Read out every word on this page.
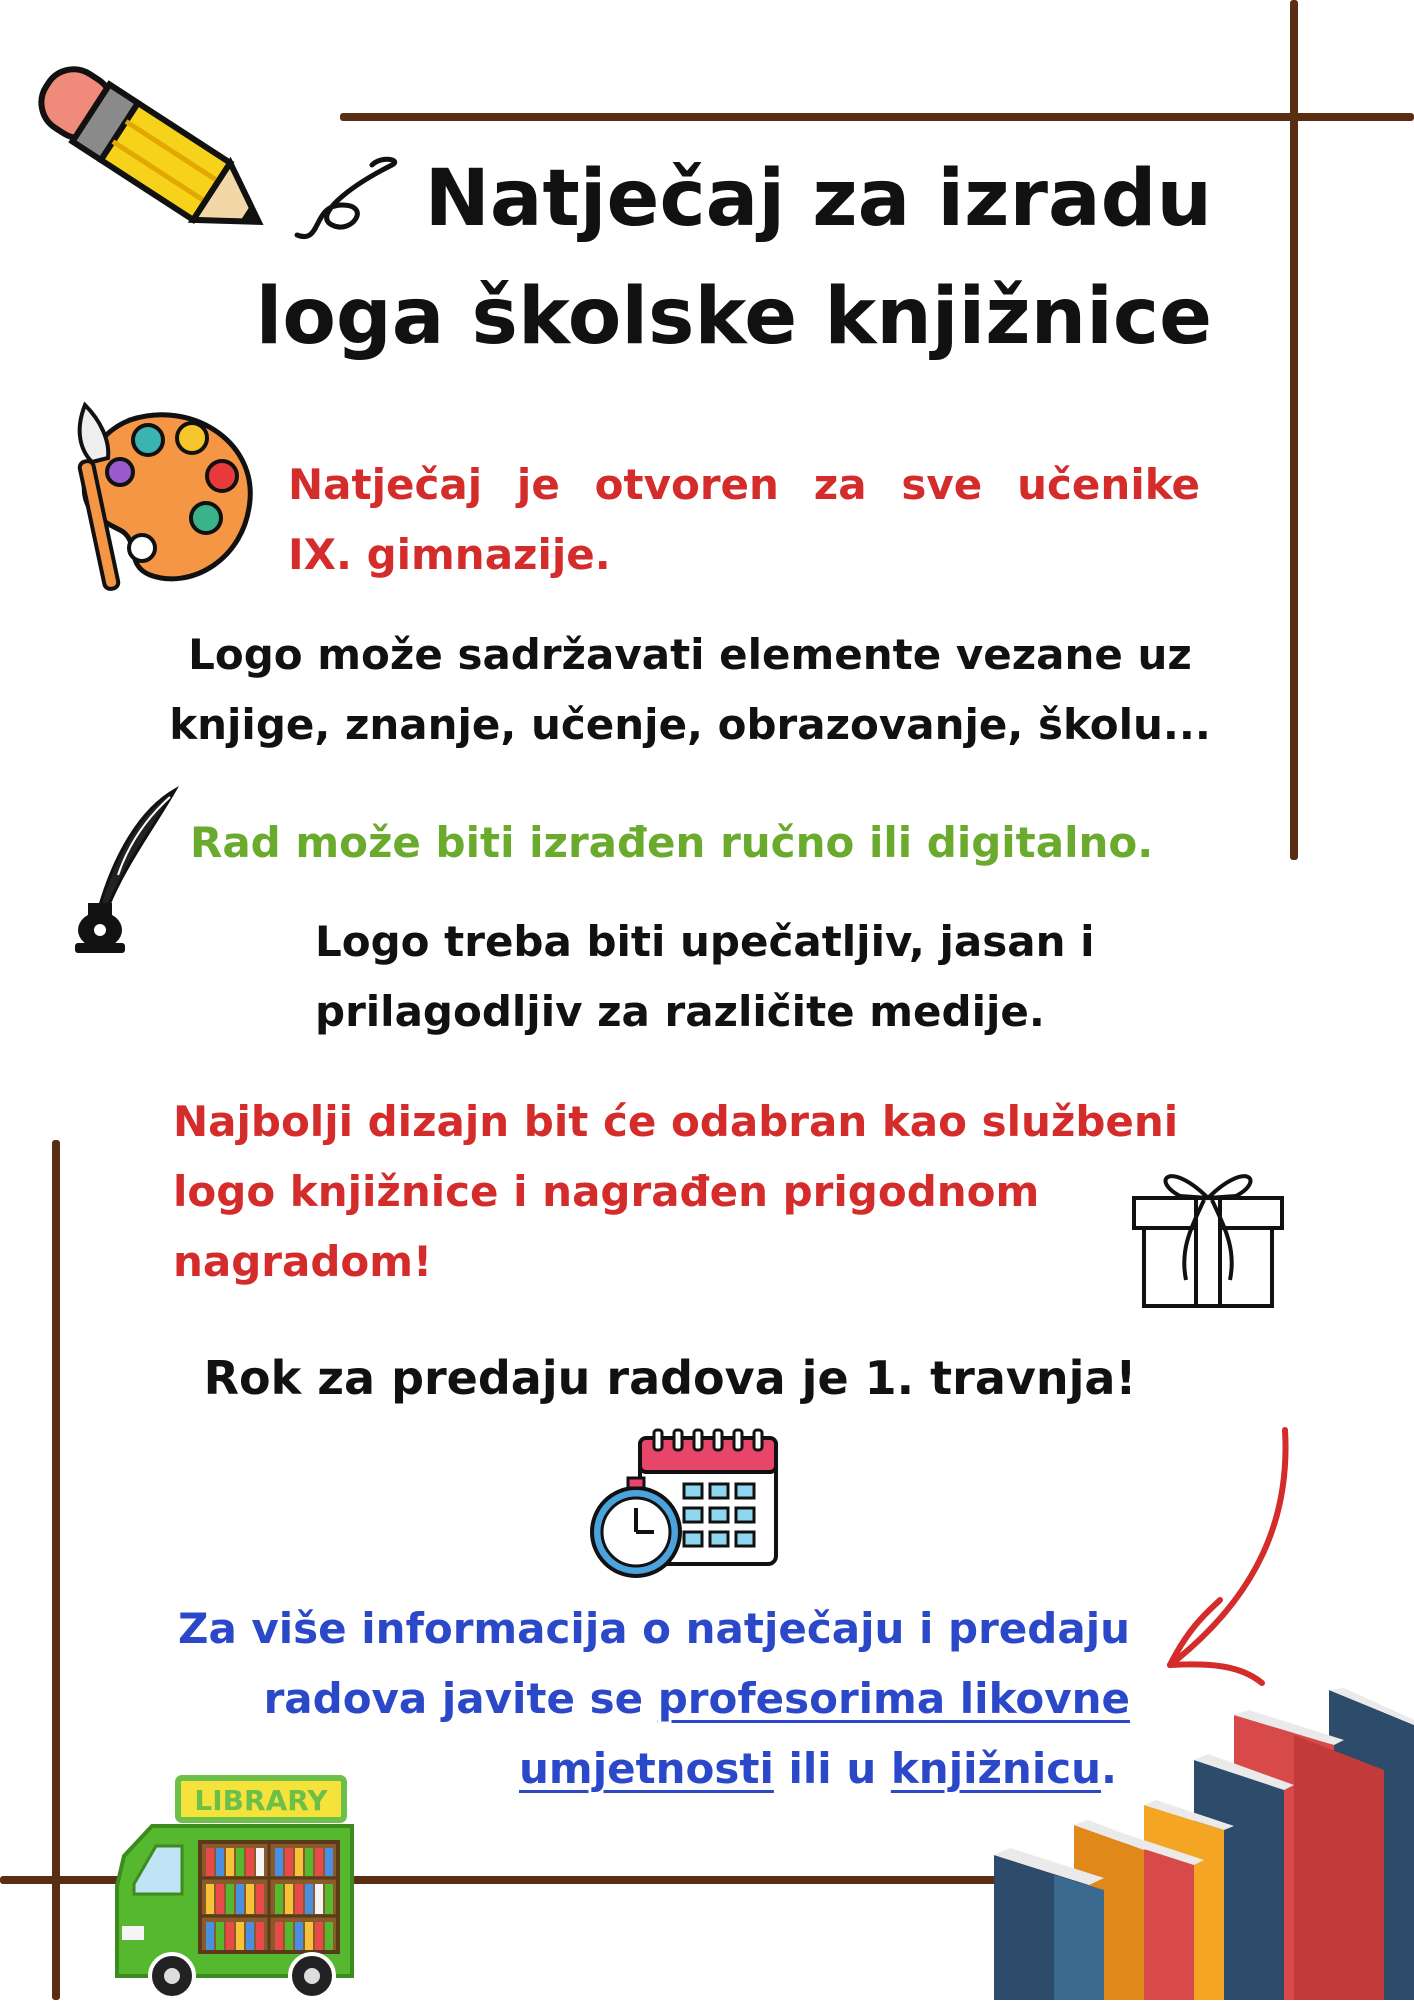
Natječaj za izradu
loga školske knjižnice
Natječaj je otvoren za sve učenike
IX. gimnazije.
Logo može sadržavati elemente vezane uz
knjige, znanje, učenje, obrazovanje, školu...
Rad može biti izrađen ručno ili digitalno.
Logo treba biti upečatljiv, jasan i
prilagodljiv za različite medije.
Najbolji dizajn bit će odabran kao službeni
logo knjižnice i nagrađen prigodnom
nagradom!
Rok za predaju radova je 1. travnja!
Za više informacija o natječaju i predaju
radova javite se profesorima likovne
umjetnosti ili u knjižnicu.
LIBRARY
